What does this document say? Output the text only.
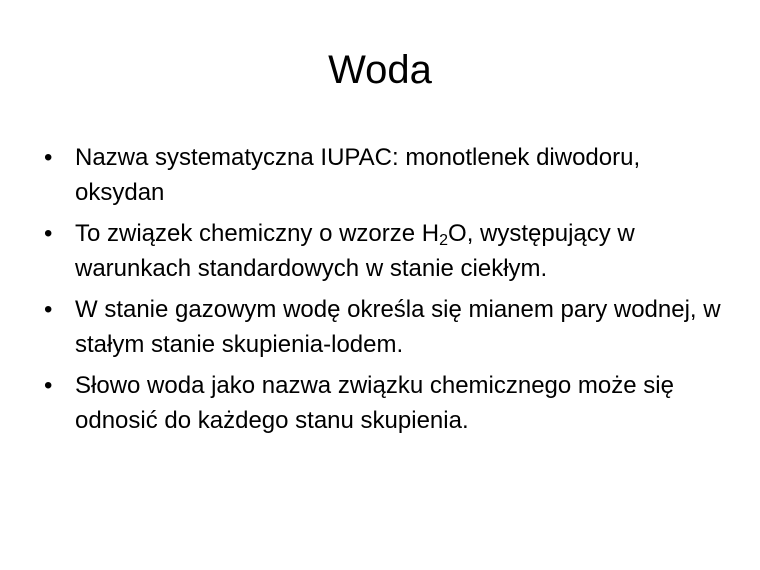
Woda
• Nazwa systematyczna IUPAC: monotlenek diwodoru, oksydan
• To związek chemiczny o wzorze $H_2O$, występujący w warunkach standardowych w stanie ciekłym.
• W stanie gazowym wodę określa się mianem pary wodnej, w stałym stanie skupienia-lodem.
• Słowo woda jako nazwa związku chemicznego może się odnosić do każdego stanu skupienia.
